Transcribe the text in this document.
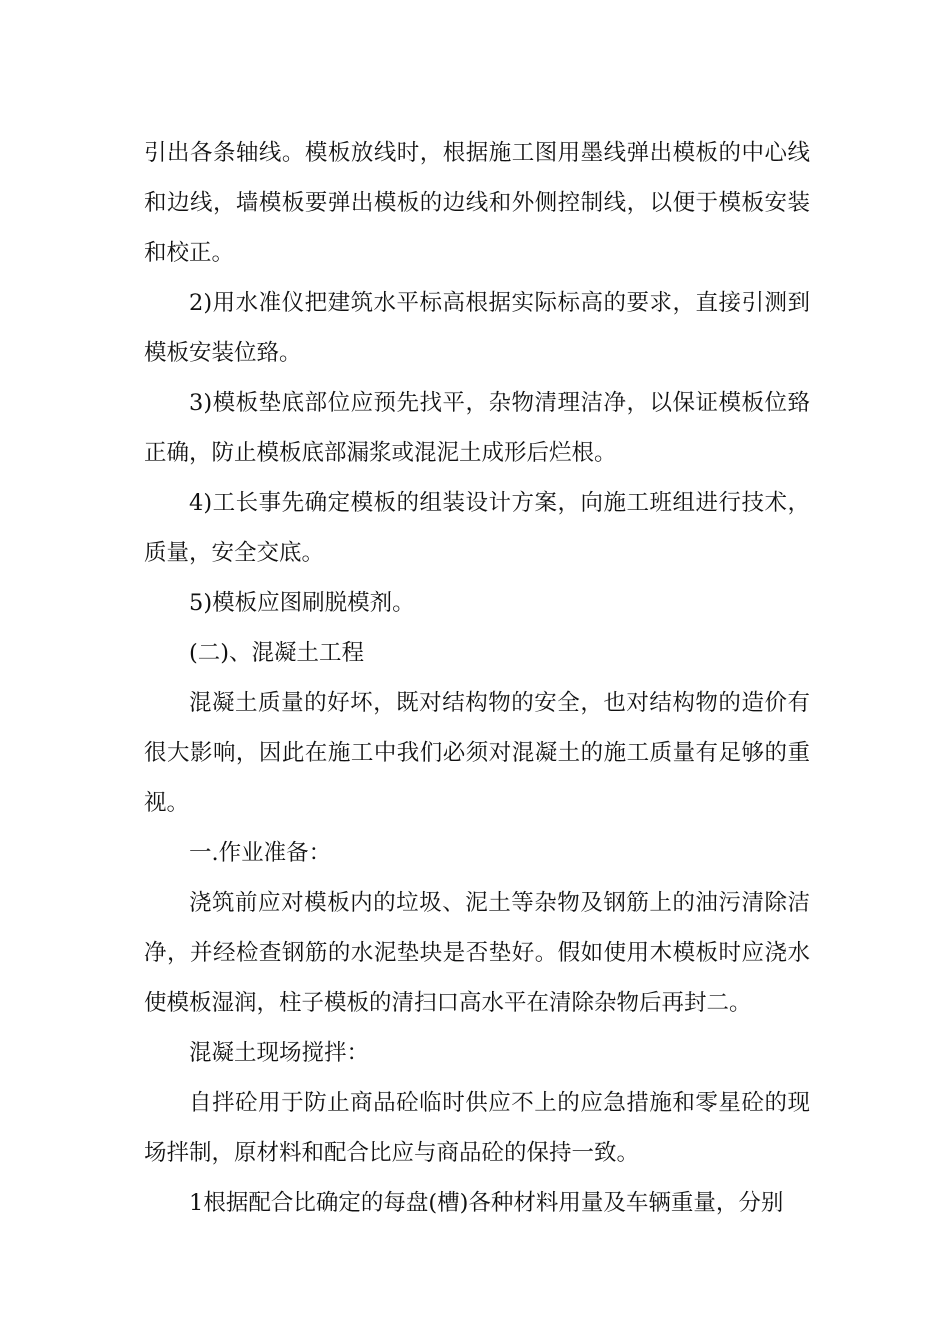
引出各条轴线。模板放线时，根据施工图用墨线弹出模板的中心线和边线，墙模板要弹出模板的边线和外侧控制线，以便于模板安装和校正。

2)用水准仪把建筑水平标高根据实际标高的要求，直接引测到模板安装位臵。

3)模板垫底部位应预先找平，杂物清理洁净，以保证模板位臵正确，防止模板底部漏浆或混泥土成形后烂根。

4)工长事先确定模板的组装设计方案，向施工班组进行技术，质量，安全交底。

5)模板应图刷脱模剂。

(二)、混凝土工程

混凝土质量的好坏，既对结构物的安全，也对结构物的造价有很大影响，因此在施工中我们必须对混凝土的施工质量有足够的重视。

一.作业准备：

浇筑前应对模板内的垃圾、泥土等杂物及钢筋上的油污清除洁净，并经检查钢筋的水泥垫块是否垫好。假如使用木模板时应浇水使模板湿润，柱子模板的清扫口高水平在清除杂物后再封二。

混凝土现场搅拌：

自拌砼用于防止商品砼临时供应不上的应急措施和零星砼的现场拌制，原材料和配合比应与商品砼的保持一致。

1根据配合比确定的每盘(槽)各种材料用量及车辆重量，分别
